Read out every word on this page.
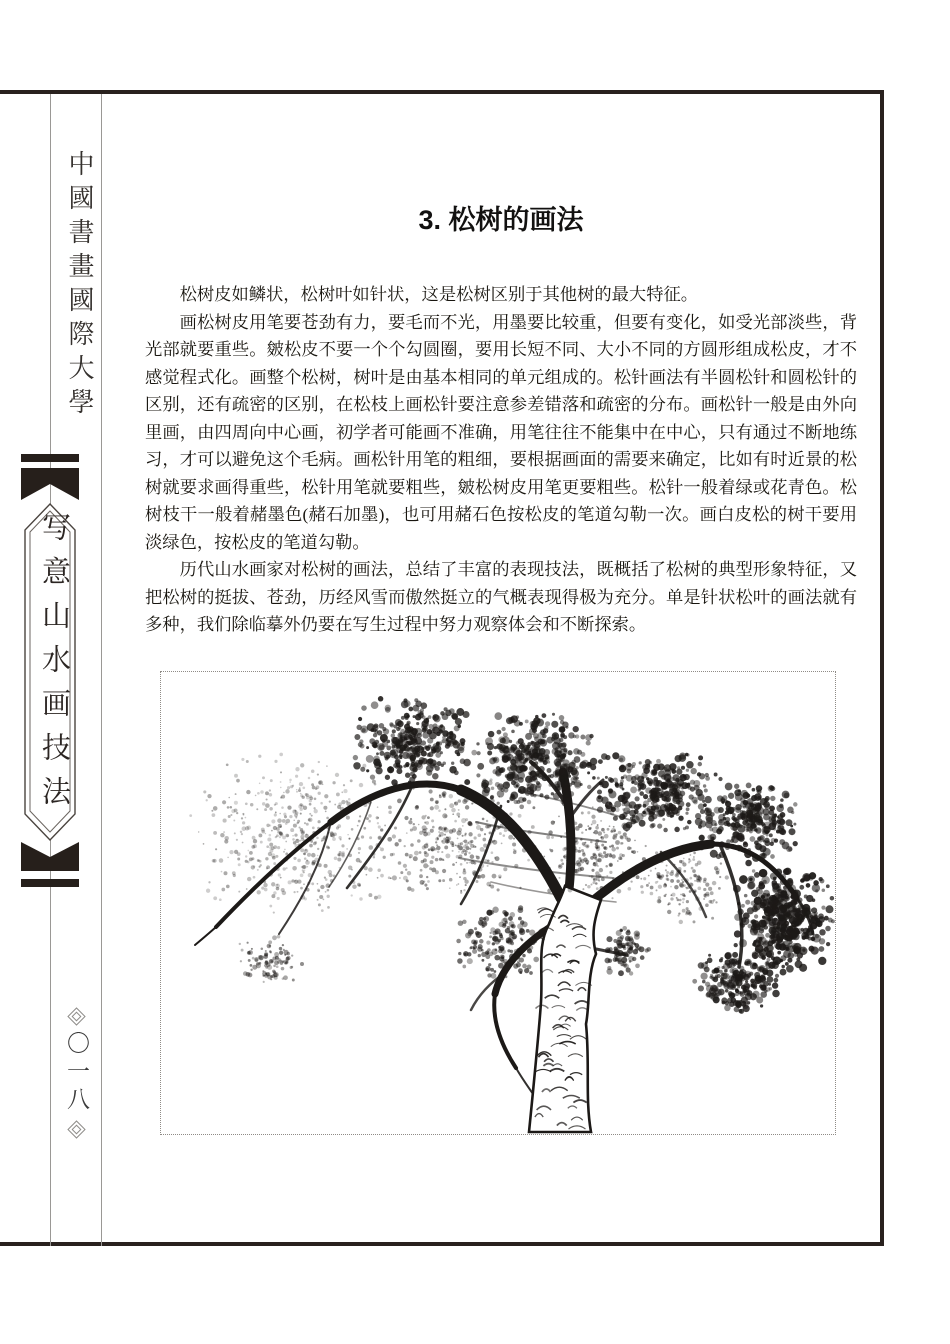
中國書畫國際大學
写意山水画技法
〇一八
3. 松树的画法

松树皮如鳞状，松树叶如针状，这是松树区别于其他树的最大特征。

画松树皮用笔要苍劲有力，要毛而不光，用墨要比较重，但要有变化，如受光部淡些，背光部就要重些。皴松皮不要一个个勾圆圈，要用长短不同、大小不同的方圆形组成松皮，才不感觉程式化。画整个松树，树叶是由基本相同的单元组成的。松针画法有半圆松针和圆松针的区别，还有疏密的区别，在松枝上画松针要注意参差错落和疏密的分布。画松针一般是由外向里画，由四周向中心画，初学者可能画不准确，用笔往往不能集中在中心，只有通过不断地练习，才可以避免这个毛病。画松针用笔的粗细，要根据画面的需要来确定，比如有时近景的松树就要求画得重些，松针用笔就要粗些，皴松树皮用笔更要粗些。松针一般着绿或花青色。松树枝干一般着赭墨色(赭石加墨)，也可用赭石色按松皮的笔道勾勒一次。画白皮松的树干要用淡绿色，按松皮的笔道勾勒。

历代山水画家对松树的画法，总结了丰富的表现技法，既概括了松树的典型形象特征，又把松树的挺拔、苍劲，历经风雪而傲然挺立的气概表现得极为充分。单是针状松叶的画法就有多种，我们除临摹外仍要在写生过程中努力观察体会和不断探索。
